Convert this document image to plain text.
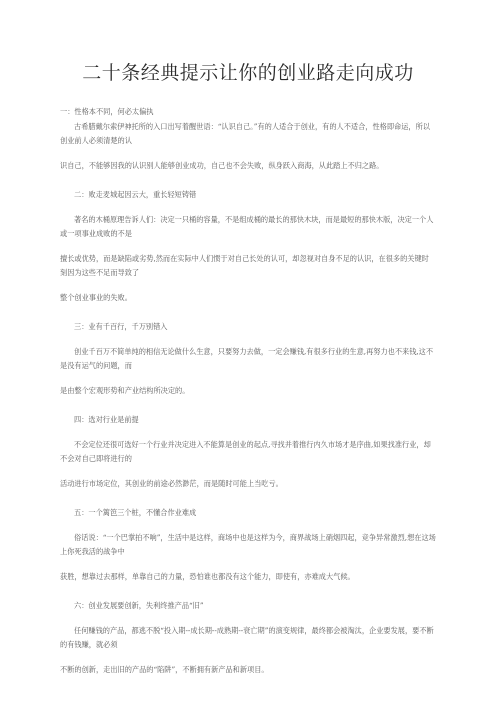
二十条经典提示让你的创业路走向成功

一：性格本不同，何必太偏执

古希腊戴尔索伊神托所的入口出写着醒世语：“认识自己。”有的人适合于创业，有的人不适合，性格即命运，所以创业前人必须清楚的认

识自己，不能够因我的认识别人能够创业成功，自己也不会失败，纵身跃入商海，从此踏上不归之路。

二：败走麦城起因云大，重长轻短铸错

著名的木桶原理告诉人们：决定一只桶的容量，不是组成桶的最长的那快木块，而是最短的那快木版，决定一个人或一项事业成败的不是

擅长或优势，而是缺陷或劣势,然而在实际中人们惯于对自己长处的认可，却忽视对自身不足的认识，在很多的关键时刻因为这些不足而导致了

整个创业事业的失败。

三：业有千百行，千万别错入

创业千百万不简单纯的相信无论做什么生意，只要努力去做，一定会赚钱,有很多行业的生意,再努力也不来钱,这不是没有运气的问题，而

是由整个宏观形势和产业结构所决定的。

四：选对行业是前提

不会定位还很可选好一个行业并决定进入不能算是创业的起点,寻找并着推行内久市场才是序曲,如果找准行业，却不会对自己即将进行的

活动进行市场定位，其创业的前途必然渺茫，而是随时可能上当吃亏。

五：一个篱笆三个桩，不懂合作业难成

俗话说：“一个巴掌拍不响”，生活中是这样，商场中也是这样为今，商界战场上硝烟四起，竞争异常激烈,想在这场上你死我活的战争中

获胜，想靠过去那样，单靠自己的力量，恐怕谁也都没有这个能力，即使有，亦难成大气候。

六：创业发展要创新，失利终推产品“旧”

任何赚钱的产品，都逃不脱“投入期--成长期--成熟期--衰亡期”的演变规律，最终都会被淘汰，企业要发展，要不断的有钱赚，就必须

不断的创新，走出旧的产品的“陷阱”，不断拥有新产品和新项目。
